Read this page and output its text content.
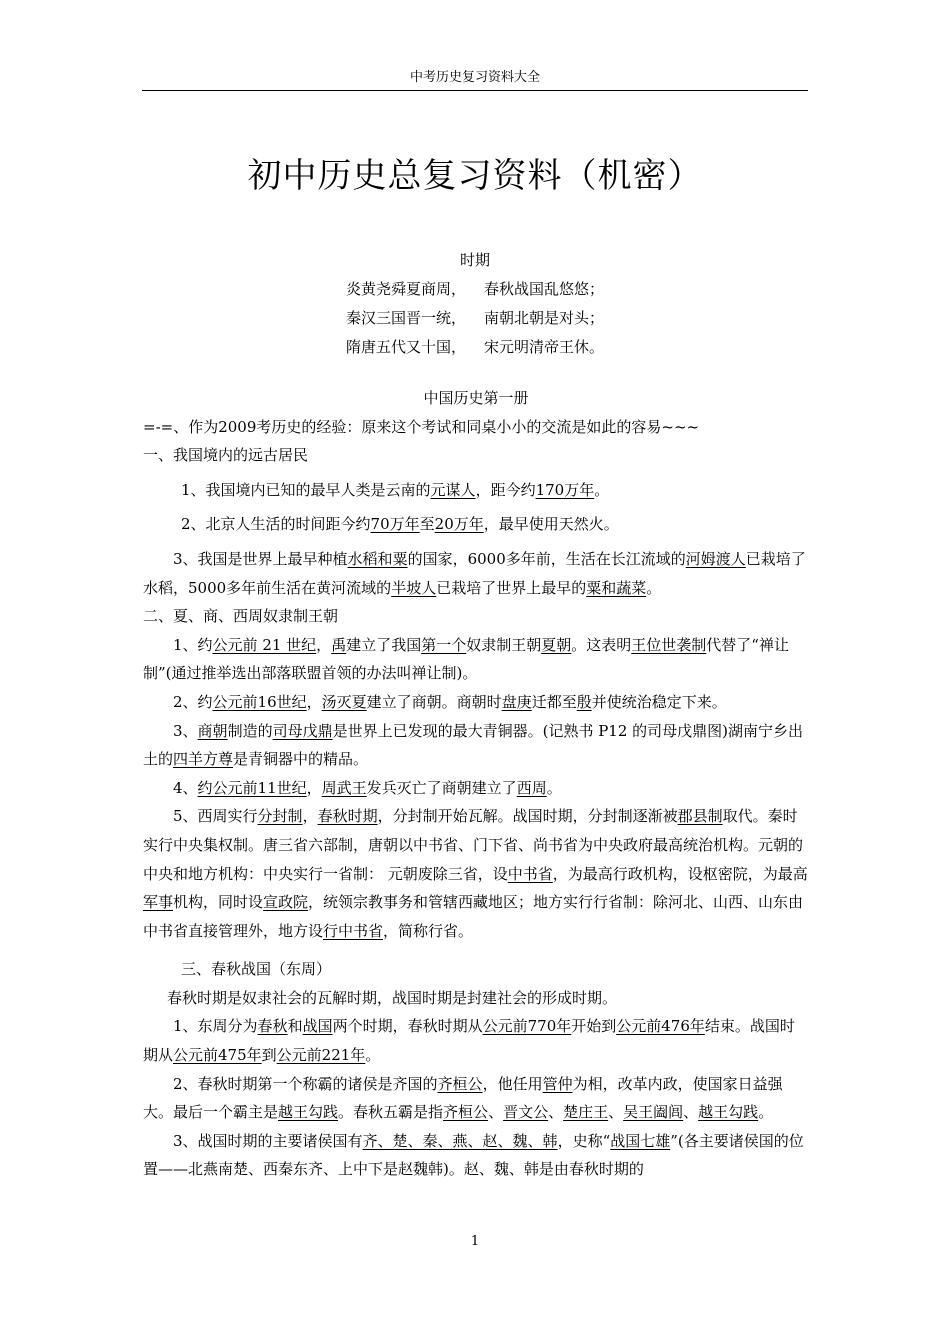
中考历史复习资料大全
初中历史总复习资料（机密）
时期
炎黄尧舜夏商周， 春秋战国乱悠悠；
秦汉三国晋一统， 南朝北朝是对头；
隋唐五代又十国， 宋元明清帝王休。

中国历史第一册

=-=、作为2009考历史的经验：原来这个考试和同桌小小的交流是如此的容易~~~

一、我国境内的远古居民

1、我国境内已知的最早人类是云南的元谋人，距今约170万年。

2、北京人生活的时间距今约70万年至20万年，最早使用天然火。

3、我国是世界上最早种植水稻和粟的国家，6000多年前，生活在长江流域的河姆渡人已栽培了水稻，5000多年前生活在黄河流域的半坡人已栽培了世界上最早的粟和蔬菜。

二、夏、商、西周奴隶制王朝

1、约公元前 21 世纪，禹建立了我国第一个奴隶制王朝夏朝。这表明王位世袭制代替了“禅让制”(通过推举选出部落联盟首领的办法叫禅让制)。

2、约公元前16世纪，汤灭夏建立了商朝。商朝时盘庚迁都至殷并使统治稳定下来。

3、商朝制造的司母戊鼎是世界上已发现的最大青铜器。(记熟书 P12 的司母戊鼎图)湖南宁乡出土的四羊方尊是青铜器中的精品。

4、约公元前11世纪，周武王发兵灭亡了商朝建立了西周。

5、西周实行分封制，春秋时期，分封制开始瓦解。战国时期，分封制逐渐被郡县制取代。秦时实行中央集权制。唐三省六部制，唐朝以中书省、门下省、尚书省为中央政府最高统治机构。元朝的中央和地方机构：中央实行一省制： 元朝废除三省，设中书省，为最高行政机构，设枢密院，为最高军事机构，同时设宣政院，统领宗教事务和管辖西藏地区；地方实行行省制：除河北、山西、山东由中书省直接管理外，地方设行中书省，简称行省。

三、春秋战国（东周）

春秋时期是奴隶社会的瓦解时期，战国时期是封建社会的形成时期。

1、东周分为春秋和战国两个时期，春秋时期从公元前770年开始到公元前476年结束。战国时期从公元前475年到公元前221年。

2、春秋时期第一个称霸的诸侯是齐国的齐桓公，他任用管仲为相，改革内政，使国家日益强大。最后一个霸主是越王勾践。春秋五霸是指齐桓公、晋文公、楚庄王、吴王阖闾、越王勾践。

3、战国时期的主要诸侯国有齐、楚、秦、燕、赵、魏、韩，史称“战国七雄”(各主要诸侯国的位置——北燕南楚、西秦东齐、上中下是赵魏韩)。赵、魏、韩是由春秋时期的

1
